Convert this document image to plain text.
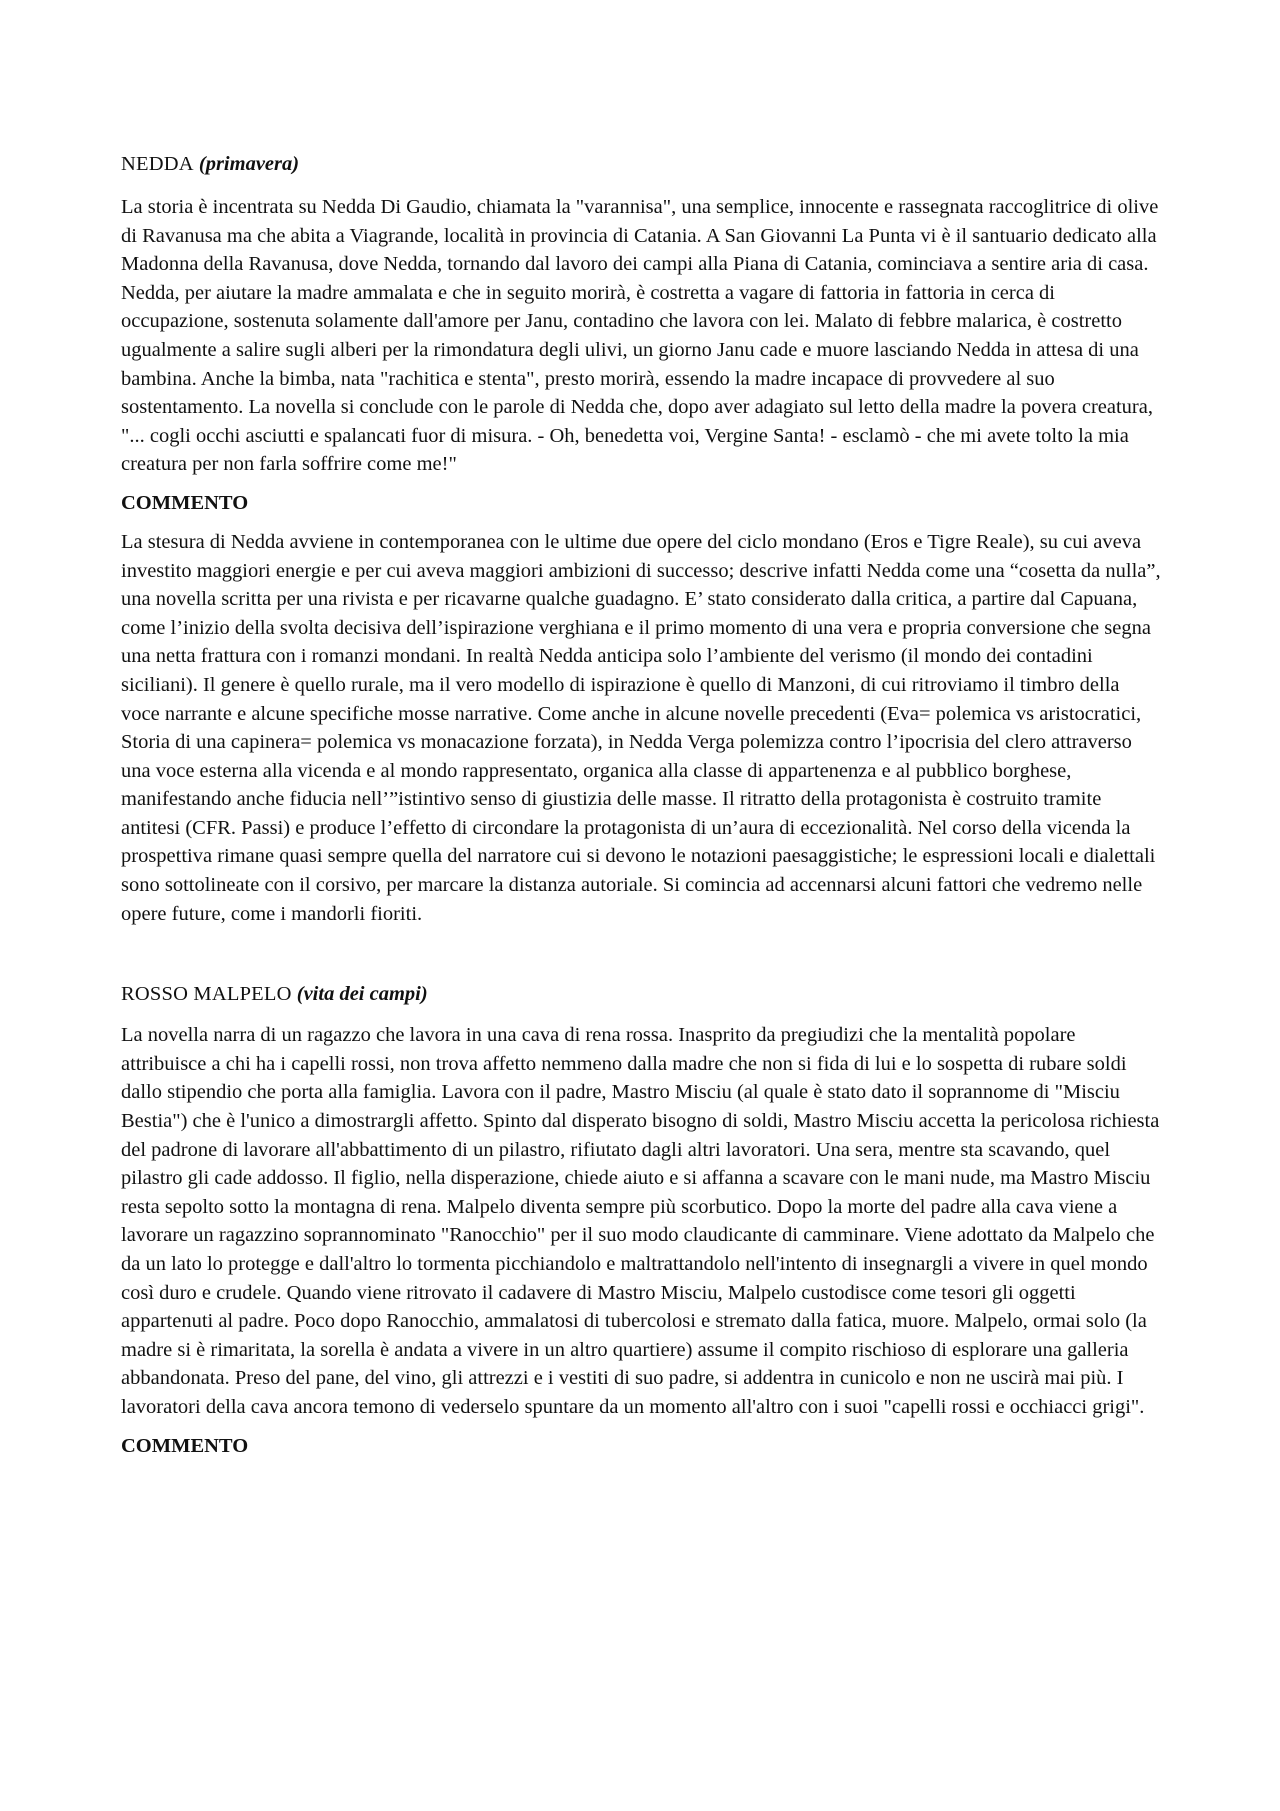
NEDDA (primavera)

La storia è incentrata su Nedda Di Gaudio, chiamata la "varannisa", una semplice, innocente e rassegnata raccoglitrice di olive di Ravanusa ma che abita a Viagrande, località in provincia di Catania. A San Giovanni La Punta vi è il santuario dedicato alla Madonna della Ravanusa, dove Nedda, tornando dal lavoro dei campi alla Piana di Catania, cominciava a sentire aria di casa. Nedda, per aiutare la madre ammalata e che in seguito morirà, è costretta a vagare di fattoria in fattoria in cerca di occupazione, sostenuta solamente dall'amore per Janu, contadino che lavora con lei. Malato di febbre malarica, è costretto ugualmente a salire sugli alberi per la rimondatura degli ulivi, un giorno Janu cade e muore lasciando Nedda in attesa di una bambina. Anche la bimba, nata "rachitica e stenta", presto morirà, essendo la madre incapace di provvedere al suo sostentamento. La novella si conclude con le parole di Nedda che, dopo aver adagiato sul letto della madre la povera creatura, "... cogli occhi asciutti e spalancati fuor di misura. - Oh, benedetta voi, Vergine Santa! - esclamò - che mi avete tolto la mia creatura per non farla soffrire come me!"

COMMENTO

La stesura di Nedda avviene in contemporanea con le ultime due opere del ciclo mondano (Eros e Tigre Reale), su cui aveva investito maggiori energie e per cui aveva maggiori ambizioni di successo; descrive infatti Nedda come una “cosetta da nulla”, una novella scritta per una rivista e per ricavarne qualche guadagno. E’ stato considerato dalla critica, a partire dal Capuana, come l’inizio della svolta decisiva dell’ispirazione verghiana e il primo momento di una vera e propria conversione che segna una netta frattura con i romanzi mondani. In realtà Nedda anticipa solo l’ambiente del verismo (il mondo dei contadini siciliani). Il genere è quello rurale, ma il vero modello di ispirazione è quello di Manzoni, di cui ritroviamo il timbro della voce narrante e alcune specifiche mosse narrative. Come anche in alcune novelle precedenti (Eva= polemica vs aristocratici, Storia di una capinera= polemica vs monacazione forzata), in Nedda Verga polemizza contro l’ipocrisia del clero attraverso una voce esterna alla vicenda e al mondo rappresentato, organica alla classe di appartenenza e al pubblico borghese, manifestando anche fiducia nell’”istintivo senso di giustizia delle masse. Il ritratto della protagonista è costruito tramite antitesi (CFR. Passi) e produce l’effetto di circondare la protagonista di un’aura di eccezionalità. Nel corso della vicenda la prospettiva rimane quasi sempre quella del narratore cui si devono le notazioni paesaggistiche; le espressioni locali e dialettali sono sottolineate con il corsivo, per marcare la distanza autoriale. Si comincia ad accennarsi alcuni fattori che vedremo nelle opere future, come i mandorli fioriti.

ROSSO MALPELO (vita dei campi)

La novella narra di un ragazzo che lavora in una cava di rena rossa. Inasprito da pregiudizi che la mentalità popolare attribuisce a chi ha i capelli rossi, non trova affetto nemmeno dalla madre che non si fida di lui e lo sospetta di rubare soldi dallo stipendio che porta alla famiglia. Lavora con il padre, Mastro Misciu (al quale è stato dato il soprannome di "Misciu Bestia") che è l'unico a dimostrargli affetto. Spinto dal disperato bisogno di soldi, Mastro Misciu accetta la pericolosa richiesta del padrone di lavorare all'abbattimento di un pilastro, rifiutato dagli altri lavoratori. Una sera, mentre sta scavando, quel pilastro gli cade addosso. Il figlio, nella disperazione, chiede aiuto e si affanna a scavare con le mani nude, ma Mastro Misciu resta sepolto sotto la montagna di rena. Malpelo diventa sempre più scorbutico. Dopo la morte del padre alla cava viene a lavorare un ragazzino soprannominato "Ranocchio" per il suo modo claudicante di camminare. Viene adottato da Malpelo che da un lato lo protegge e dall'altro lo tormenta picchiandolo e maltrattandolo nell'intento di insegnargli a vivere in quel mondo così duro e crudele. Quando viene ritrovato il cadavere di Mastro Misciu, Malpelo custodisce come tesori gli oggetti appartenuti al padre. Poco dopo Ranocchio, ammalatosi di tubercolosi e stremato dalla fatica, muore. Malpelo, ormai solo (la madre si è rimaritata, la sorella è andata a vivere in un altro quartiere) assume il compito rischioso di esplorare una galleria abbandonata. Preso del pane, del vino, gli attrezzi e i vestiti di suo padre, si addentra in cunicolo e non ne uscirà mai più. I lavoratori della cava ancora temono di vederselo spuntare da un momento all'altro con i suoi "capelli rossi e occhiacci grigi".

COMMENTO
